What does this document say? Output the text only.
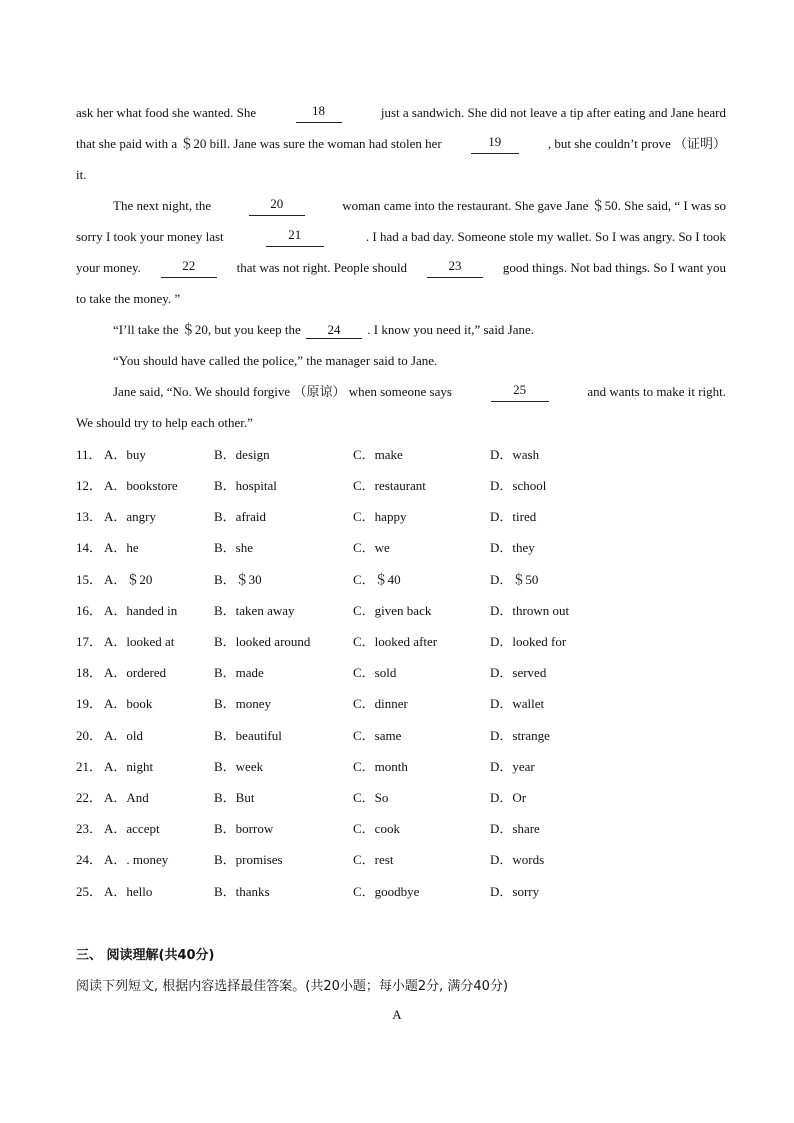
ask her what food she wanted. She	18	just a sandwich. She did not leave a tip after eating and Jane heard
that she paid with a ＄20 bill. Jane was sure the woman had stolen her	19	, but she couldn’t prove （证明）
it.
The next night, the	20	woman came into the restaurant. She gave Jane ＄50. She said, “ I was so
sorry I took your money last	21	. I had a bad day. Someone stole my wallet. So I was angry. So I took
your money.	22	that was not right. People should	23	good things. Not bad things. So I want you
to take the money. ”
“I’ll take the ＄20, but you keep the 24 . I know you need it,” said Jane.
“You should have called the police,” the manager said to Jane.
Jane said, “No. We should forgive （原谅） when someone says	25	and wants to make it right.
We should try to help each other.”
11． A．buy	B．design	C．make	D．wash
12． A．bookstore	B．hospital	C．restaurant	D．school
13． A．angry	B．afraid	C．happy	D．tired
14． A．he	B．she	C．we	D．they
15． A．＄20	B．＄30	C．＄40	D．＄50
16． A．handed in	B．taken away	C．given back	D．thrown out
17． A．looked at	B．looked around	C．looked after	D．looked for
18． A．ordered	B．made	C．sold	D．served
19． A．book	B．money	C．dinner	D．wallet
20． A．old	B．beautiful	C．same	D．strange
21． A．night	B．week	C．month	D．year
22． A．And	B．But	C．So	D．Or
23． A．accept	B．borrow	C．cook	D．share
24． A．. money	B．promises	C．rest	D．words
25． A．hello	B．thanks	C．goodbye	D．sorry
三、 阅读理解(共40分)
阅读下列短文, 根据内容选择最佳答案。(共20小题；每小题2分, 满分40分)
A
